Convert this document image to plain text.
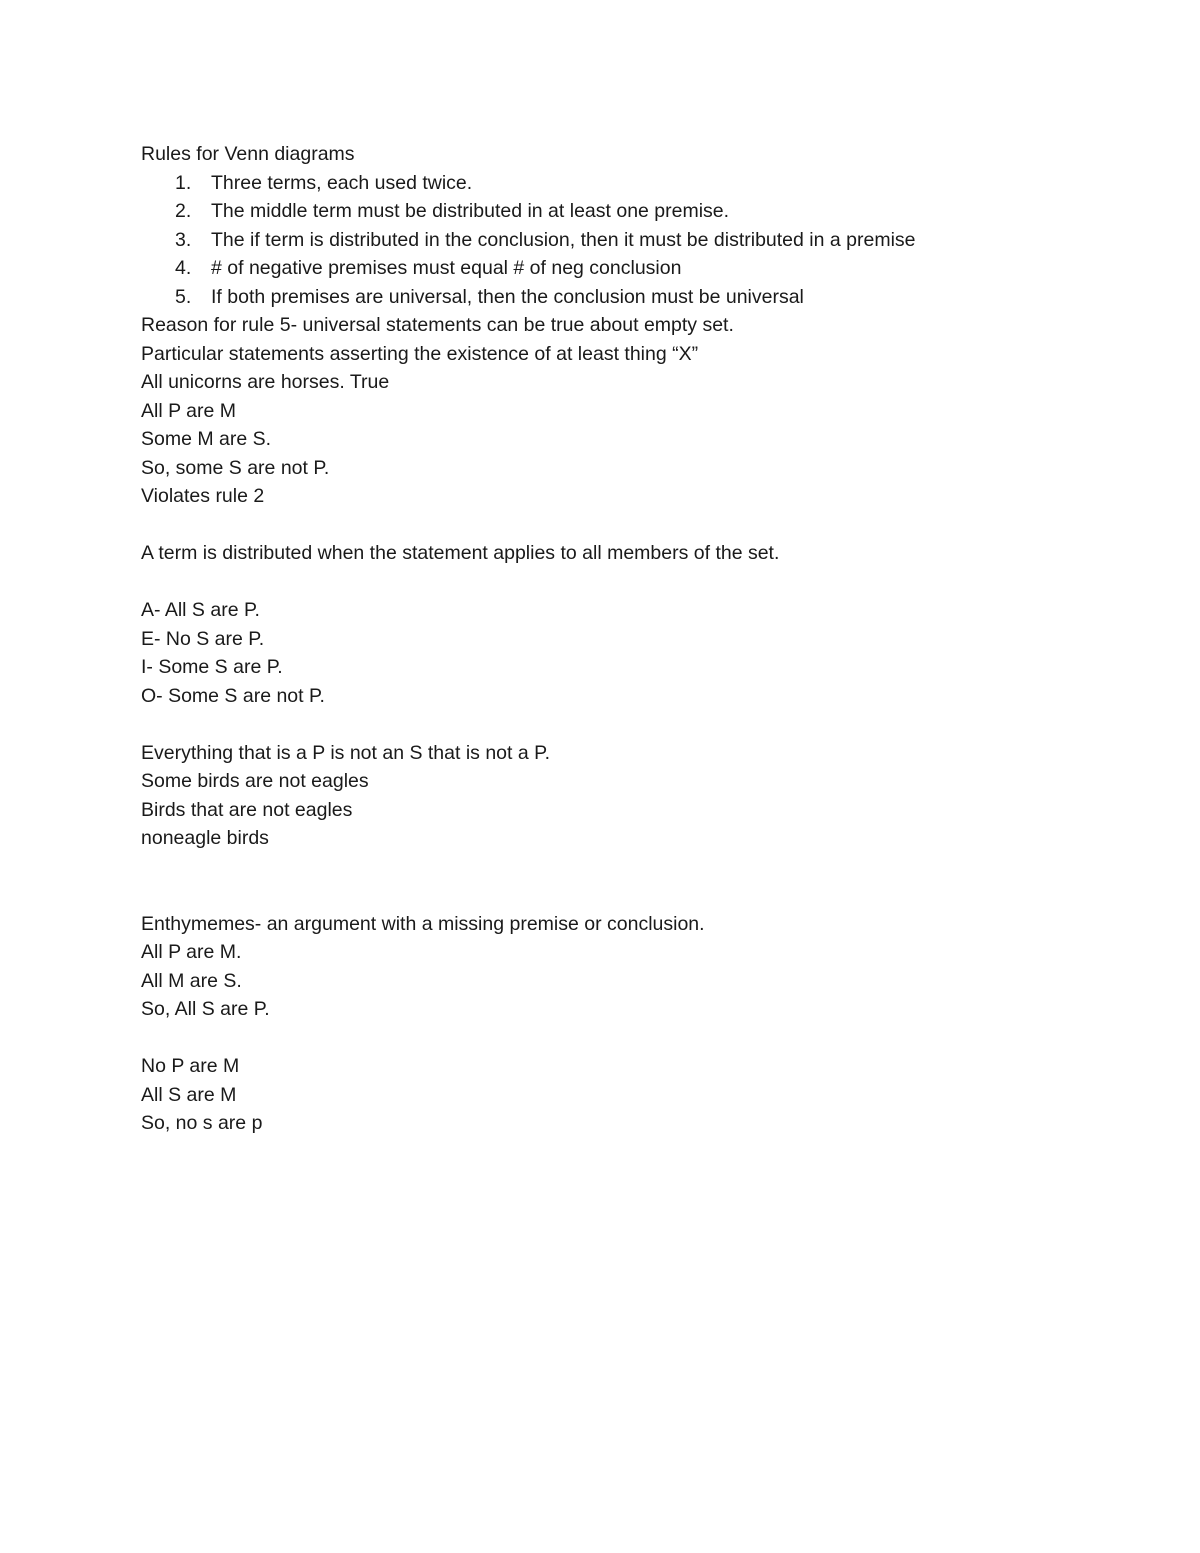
Rules for Venn diagrams
1. Three terms, each used twice.
2. The middle term must be distributed in at least one premise.
3. The if term is distributed in the conclusion, then it must be distributed in a premise
4. # of negative premises must equal # of neg conclusion
5. If both premises are universal, then the conclusion must be universal
Reason for rule 5- universal statements can be true about empty set.
Particular statements asserting the existence of at least thing “X”
All unicorns are horses. True
All P are M
Some M are S.
So, some S are not P.
Violates rule 2
A term is distributed when the statement applies to all members of the set.
A- All S are P.
E- No S are P.
I- Some S are P.
O- Some S are not P.
Everything that is a P is not an S that is not a P.
Some birds are not eagles
Birds that are not eagles
noneagle birds
Enthymemes- an argument with a missing premise or conclusion.
All P are M.
All M are S.
So, All S are P.
No P are M
All S are M
So, no s are p
